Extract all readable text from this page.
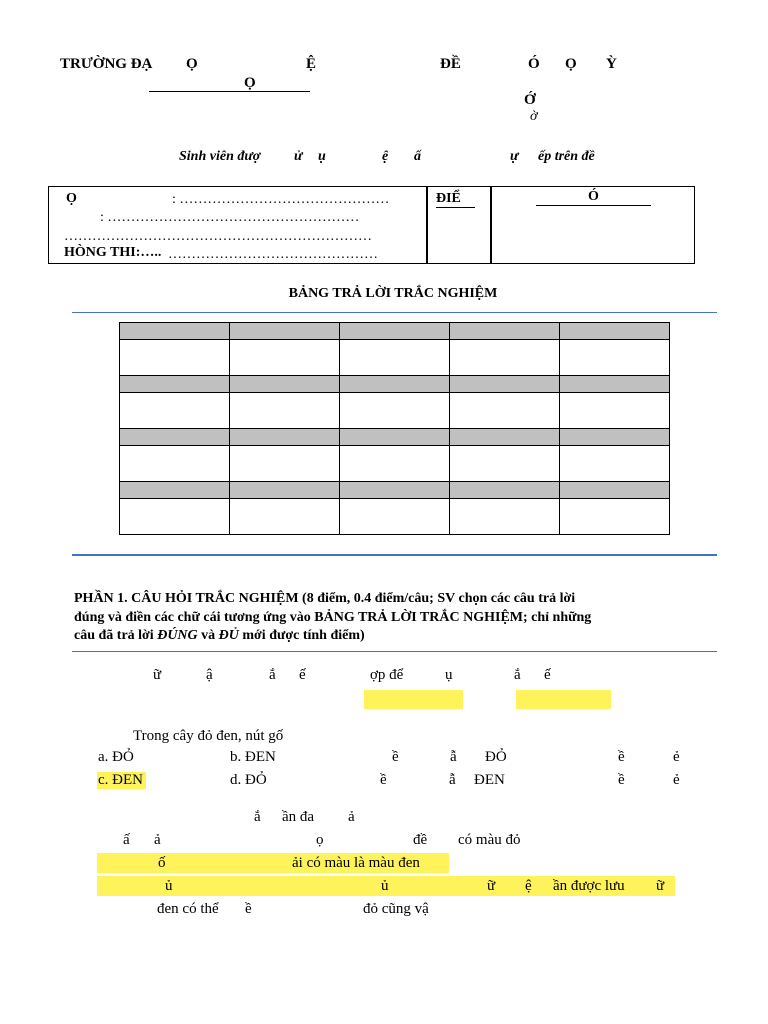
TRƯỜNG ĐẠ Ọ	Ệ	ĐỀ	Ó Ọ Ỳ
Ọ
Ớ
ờ
Sinh viên đượ ử ụ	ệ ấ	ự ếp trên đề
Ọ	: ………………………………………
: ………………………………………………
…………………………………………………………
HÒNG THI:….. ………………………………………
ĐIỂ	Ó
BẢNG TRẢ LỜI TRẮC NGHIỆM

PHẦN 1. CÂU HỎI TRẮC NGHIỆM (8 điểm, 0.4 điểm/câu; SV chọn các câu trả lời
đúng và điền các chữ cái tương ứng vào BẢNG TRẢ LỜI TRẮC NGHIỆM; chỉ những
câu đã trả lời ĐÚNG và ĐỦ mới được tính điểm)
ữ	ậ	ắ ế	ợp để	ụ	ắ ế
Trong cây đỏ đen, nút gố
a. ĐỎ	b. ĐEN	ề	ẫ ĐỎ	ề	ẻ
c. ĐEN	d. ĐỎ	ề	ẫ ĐEN	ề	ẻ
ắ ần đa ả
ấ ả	ọ	đề có màu đỏ
ố	ải có màu là màu đen
ủ	ủ	ữ ệ ần được lưu ữ
đen có thể ề	đỏ cũng vậ
